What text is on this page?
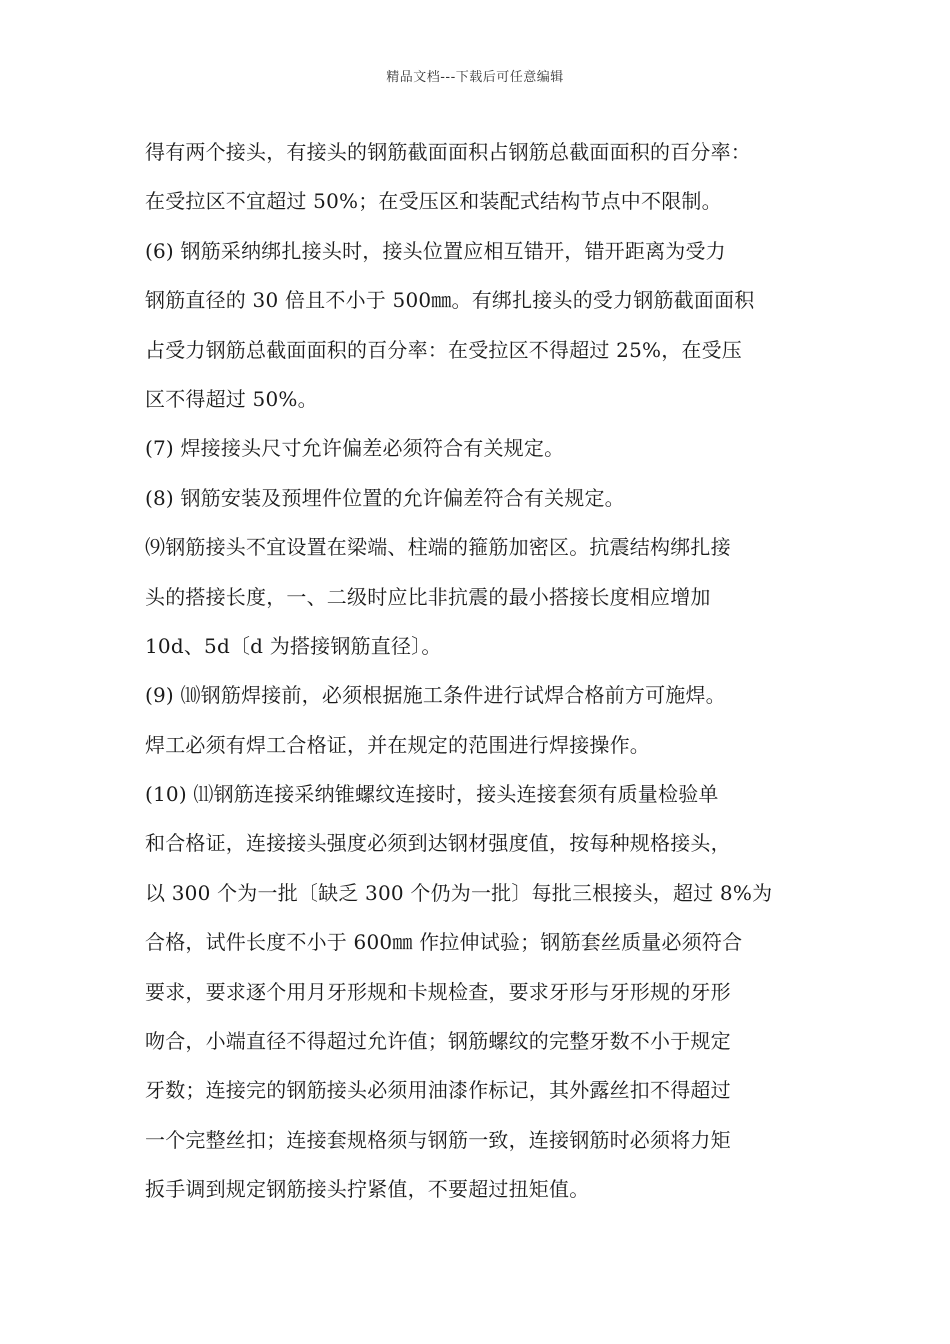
精品文档---下载后可任意编辑
得有两个接头，有接头的钢筋截面面积占钢筋总截面面积的百分率：
在受拉区不宜超过 50%；在受压区和装配式结构节点中不限制。
(6) 钢筋采纳绑扎接头时，接头位置应相互错开，错开距离为受力
钢筋直径的 30 倍且不小于 500㎜。有绑扎接头的受力钢筋截面面积
占受力钢筋总截面面积的百分率：在受拉区不得超过 25%，在受压
区不得超过 50%。
(7) 焊接接头尺寸允许偏差必须符合有关规定。
(8) 钢筋安装及预埋件位置的允许偏差符合有关规定。
⑼钢筋接头不宜设置在梁端、柱端的箍筋加密区。抗震结构绑扎接
头的搭接长度，一、二级时应比非抗震的最小搭接长度相应增加
10d、5d〔d 为搭接钢筋直径〕。
(9) ⑽钢筋焊接前，必须根据施工条件进行试焊合格前方可施焊。
焊工必须有焊工合格证，并在规定的范围进行焊接操作。
(10) ⑾钢筋连接采纳锥螺纹连接时，接头连接套须有质量检验单
和合格证，连接接头强度必须到达钢材强度值，按每种规格接头，
以 300 个为一批〔缺乏 300 个仍为一批〕每批三根接头，超过 8%为
合格，试件长度不小于 600㎜ 作拉伸试验；钢筋套丝质量必须符合
要求，要求逐个用月牙形规和卡规检查，要求牙形与牙形规的牙形
吻合，小端直径不得超过允许值；钢筋螺纹的完整牙数不小于规定
牙数；连接完的钢筋接头必须用油漆作标记，其外露丝扣不得超过
一个完整丝扣；连接套规格须与钢筋一致，连接钢筋时必须将力矩
扳手调到规定钢筋接头拧紧值，不要超过扭矩值。
